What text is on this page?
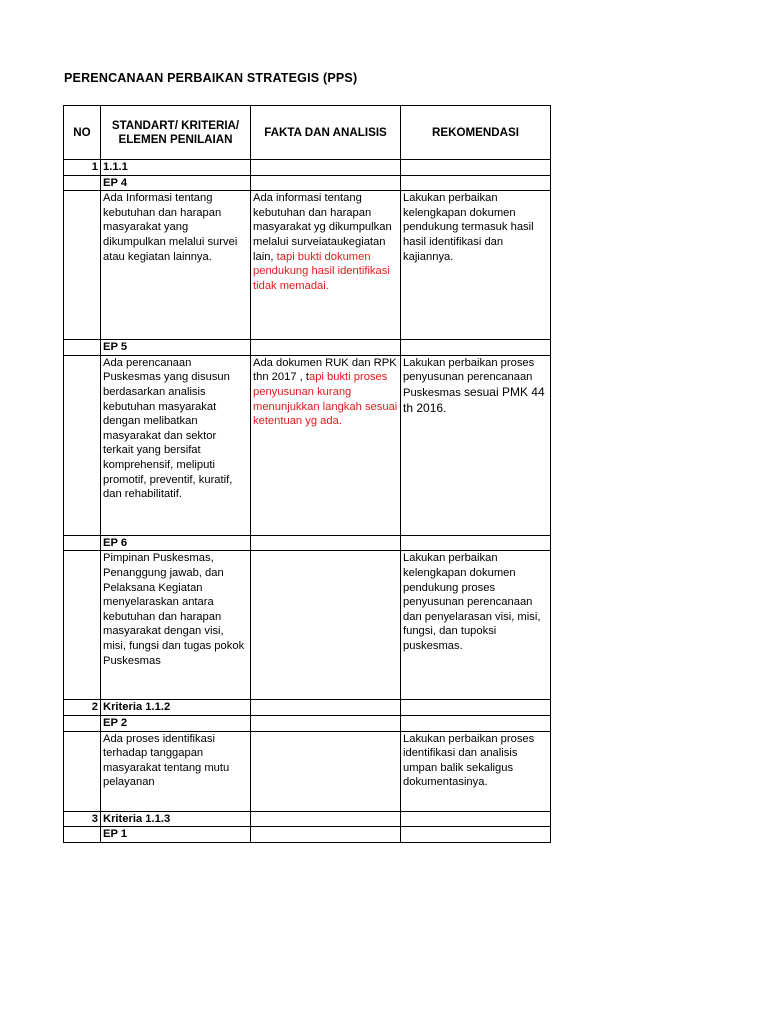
PERENCANAAN PERBAIKAN STRATEGIS (PPS)
NO	STANDART/ KRITERIA/ ELEMEN PENILAIAN	FAKTA DAN ANALISIS	REKOMENDASI
1	1.1.1		
	EP 4		
	Ada Informasi tentang kebutuhan dan harapan masyarakat yang dikumpulkan melalui survei atau kegiatan lainnya.	Ada informasi tentang kebutuhan dan harapan masyarakat yg dikumpulkan melalui surveiataukegiatan lain, tapi bukti dokumen pendukung hasil identifikasi tidak memadai.	Lakukan perbaikan kelengkapan dokumen pendukung termasuk hasil hasil identifikasi dan kajiannya.
	EP 5		
	Ada perencanaan Puskesmas yang disusun berdasarkan analisis kebutuhan masyarakat dengan melibatkan masyarakat dan sektor terkait yang bersifat komprehensif, meliputi promotif, preventif, kuratif, dan rehabilitatif.	Ada dokumen RUK dan RPK thn 2017 , tapi bukti proses penyusunan kurang menunjukkan langkah sesuai ketentuan yg ada.	Lakukan perbaikan proses penyusunan perencanaan Puskesmas sesuai PMK 44 th 2016.
	EP 6		
	Pimpinan Puskesmas, Penanggung jawab, dan Pelaksana Kegiatan menyelaraskan antara kebutuhan dan harapan masyarakat dengan visi, misi, fungsi dan tugas pokok Puskesmas		Lakukan perbaikan kelengkapan dokumen pendukung proses penyusunan perencanaan dan penyelarasan visi, misi, fungsi, dan tupoksi puskesmas.
2	Kriteria 1.1.2		
	EP 2		
	Ada proses identifikasi terhadap tanggapan masyarakat tentang mutu pelayanan		Lakukan perbaikan proses identifikasi dan analisis umpan balik sekaligus dokumentasinya.
3	Kriteria 1.1.3		
	EP 1		
